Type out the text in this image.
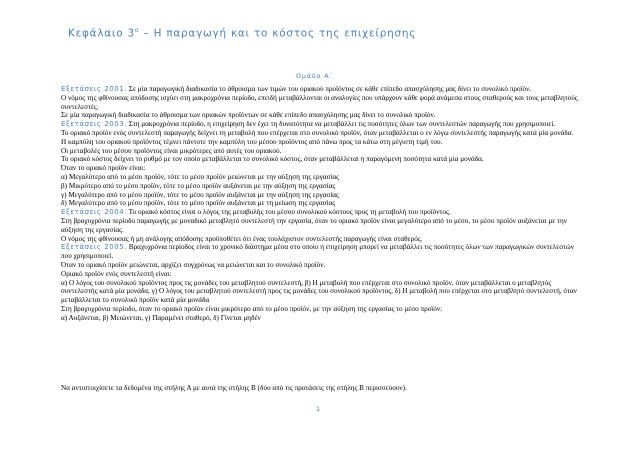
Κεφάλαιο $3^o$ – Η παραγωγή και το κόστος της επιχείρησης
Ομάδα Α΄

Εξετάσεις 2001. Σε μία παραγωγική διαδικασία το άθροισμα των τιμών του οριακού προϊόντος σε κάθε επίπεδο απασχόλησης μας δίνει το συνολικό προϊόν.

Ο νόμος της φθίνουσας απόδοσης ισχύει στη μακροχρόνια περίοδο, επειδή μεταβάλλονται οι αναλογίες που υπάρχουν κάθε φορά ανάμεσα στους σταθερούς και τους μεταβλητούς συντελεστές.

Σε μία παραγωγική διαδικασία το άθροισμα των οριακών προϊόντων σε κάθε επίπεδο απασχόλησης μας δίνει το συνολικό προϊόν.

Εξετάσεις 2003. Στη μακροχρόνια περίοδο, η επιχείρηση δεν έχει τη δυνατότητα να μεταβάλλει τις ποσότητες όλων των συντελεστών παραγωγής που χρησιμοποιεί.

Το οριακό προϊόν ενός συντελεστή παραγωγής δείχνει τη μεταβολή που επέρχεται στο συνολικό προϊόν, όταν μεταβάλλεται ο εν λόγω συντελεστής παραγωγής κατά μία μονάδα.

Η καμπύλη του οριακού προϊόντος τέμνει πάντοτε την καμπύλη του μέσου προϊόντος από πάνω προς τα κάτω στη μέγιστη τιμή του.

Οι μεταβολές του μέσου προϊόντος είναι μικρότερες από αυτές του οριακού.

Το οριακό κόστος δείχνει το ρυθμό με τον οποίο μεταβάλλεται το συνολικό κόστος, όταν μεταβάλλεται η παραγόμενη ποσότητα κατά μία μονάδα.

Όταν το οριακό προϊόν είναι:

α) Μεγαλύτερο από το μέσο προϊόν, τότε το μέσο προϊόν μειώνεται με την αύξηση της εργασίας

β) Μικρότερο από το μέσο προϊόν, τότε το μέσο προϊόν αυξάνεται με την αύξηση της εργασίας

γ) Μεγαλύτερο από το μέσο προϊόν, τότε το μέσο προϊόν αυξάνεται με την αύξηση της εργασίας

δ) Μεγαλύτερο από το μέσο προϊόν, τότε το μέσο προϊόν αυξάνεται με τη μείωση της εργασίας

Εξετάσεις 2004. Το οριακό κόστος είναι ο λόγος της μεταβολής του μέσου συνολικού κόστους προς τη μεταβολή του προϊόντος.

Στη βραχυχρόνια περίοδο παραγωγής με μοναδικό μεταβλητό συντελεστή την εργασία, όταν το οριακό προϊόν είναι μεγαλύτερο από το μέσο, το μέσο προϊόν αυξάνεται με την αύξηση της εργασίας.

Ο νόμος της φθίνουσας ή μη ανάλογης απόδοσης προϋποθέτει ότι ένας τουλάχιστον συντελεστής παραγωγής είναι σταθερός.

Εξετάσεις 2005. Βραχυχρόνια περίοδος είναι το χρονικό διάστημα μέσα στο οποίο η επιχείρηση μπορεί να μεταβάλλει τις ποσότητες όλων των παραγωγικών συντελεστών που χρησιμοποιεί.

Όταν το οριακό προϊόν μειώνεται, αρχίζει συγχρόνως να μειώνεται και το συνολικό προϊόν.

Οριακό προϊόν ενός συντελεστή είναι:

α) Ο λόγος του συνολικού προϊόντος προς τις μονάδες του μεταβλητού συντελεστή, β) Η μεταβολή που επέρχεται στο συνολικό προϊόν, όταν μεταβάλλεται ο μεταβλητός συντελεστής κατά μία μονάδα, γ) Ο λόγος του μεταβλητού συντελεστή προς τις μονάδες του συνολικού προϊόντος, δ) Η μεταβολή που επέρχεται στο μεταβλητό συντελεστή, όταν μεταβάλλεται το συνολικό προϊόν κατά μία μονάδα

Στη βραχυχρόνια περίοδο, όταν το οριακό προϊόν είναι μικρότερο από το μέσο προϊόν, με την αύξηση της εργασίας το μέσο προϊόν:

α) Αυξάνεται, β) Μειώνεται, γ) Παραμένει σταθερό, δ) Γίνεται μηδέν

Να αντιστοιχίσετε τα δεδομένα της στήλης Α με αυτά της στήλης Β (δύο από τις προτάσεις της στήλης Β περισσεύουν).

1
